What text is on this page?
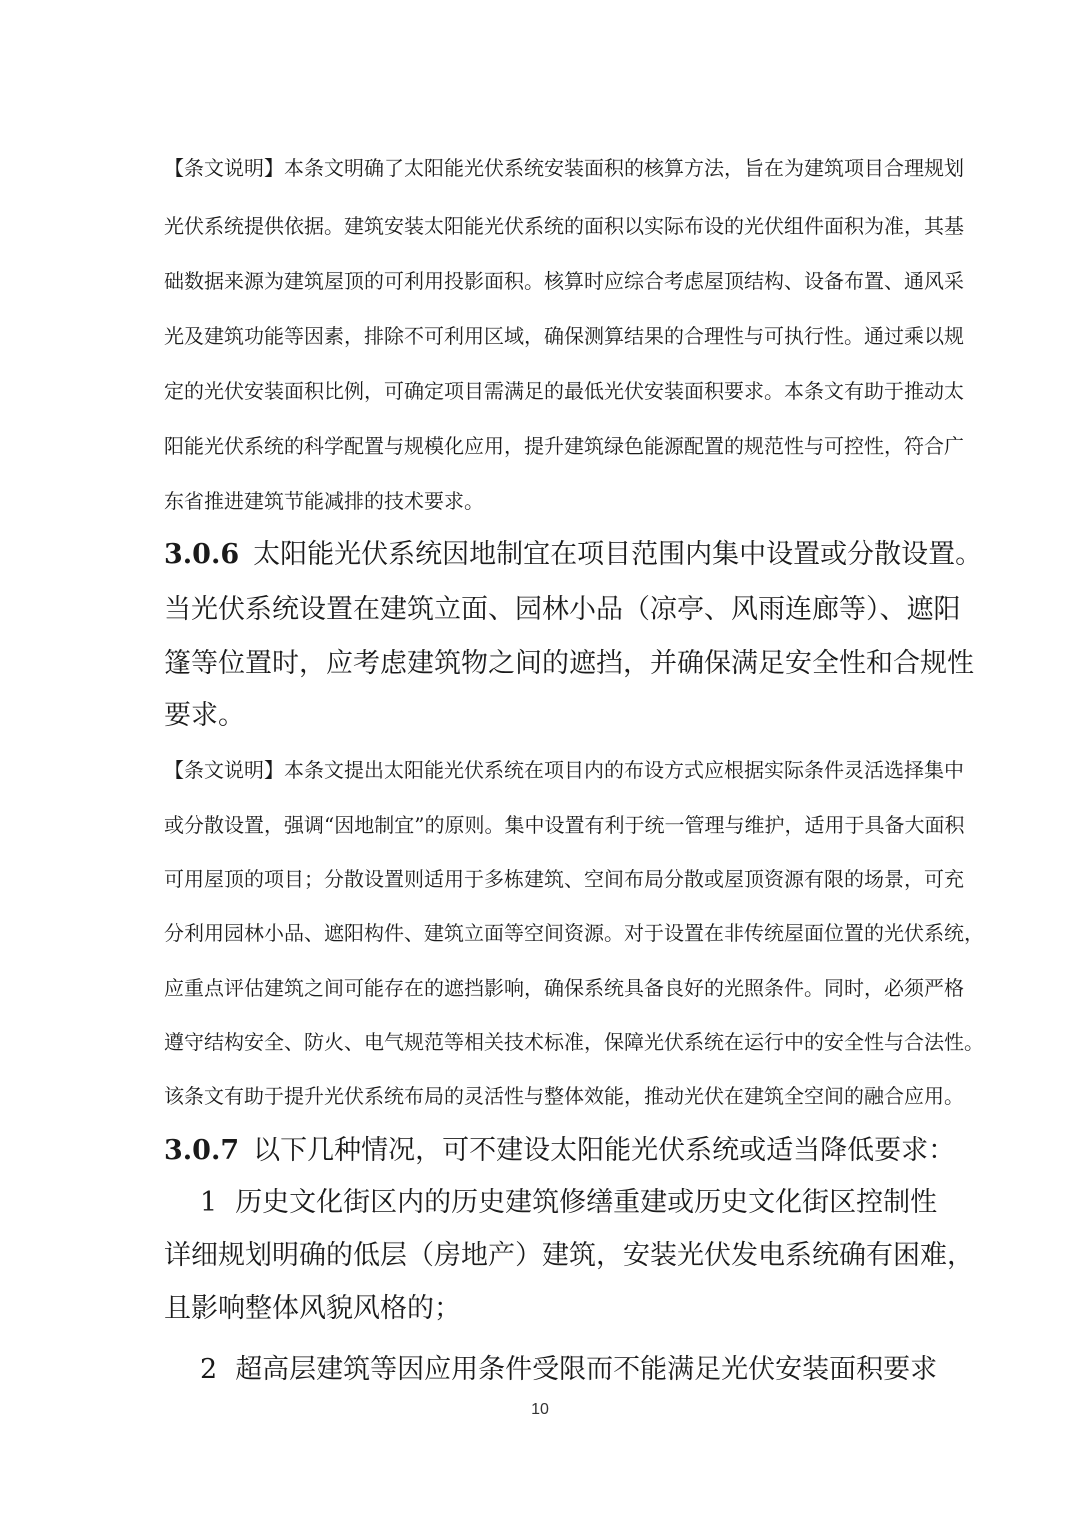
【条文说明】本条文明确了太阳能光伏系统安装面积的核算方法，旨在为建筑项目合理规划
光伏系统提供依据。建筑安装太阳能光伏系统的面积以实际布设的光伏组件面积为准，其基
础数据来源为建筑屋顶的可利用投影面积。核算时应综合考虑屋顶结构、设备布置、通风采
光及建筑功能等因素，排除不可利用区域，确保测算结果的合理性与可执行性。通过乘以规
定的光伏安装面积比例，可确定项目需满足的最低光伏安装面积要求。本条文有助于推动太
阳能光伏系统的科学配置与规模化应用，提升建筑绿色能源配置的规范性与可控性，符合广
东省推进建筑节能减排的技术要求。
3.0.6 太阳能光伏系统因地制宜在项目范围内集中设置或分散设置。
当光伏系统设置在建筑立面、园林小品（凉亭、风雨连廊等）、遮阳
篷等位置时，应考虑建筑物之间的遮挡，并确保满足安全性和合规性
要求。
【条文说明】本条文提出太阳能光伏系统在项目内的布设方式应根据实际条件灵活选择集中
或分散设置，强调“因地制宜”的原则。集中设置有利于统一管理与维护，适用于具备大面积
可用屋顶的项目；分散设置则适用于多栋建筑、空间布局分散或屋顶资源有限的场景，可充
分利用园林小品、遮阳构件、建筑立面等空间资源。对于设置在非传统屋面位置的光伏系统，
应重点评估建筑之间可能存在的遮挡影响，确保系统具备良好的光照条件。同时，必须严格
遵守结构安全、防火、电气规范等相关技术标准，保障光伏系统在运行中的安全性与合法性。
该条文有助于提升光伏系统布局的灵活性与整体效能，推动光伏在建筑全空间的融合应用。
3.0.7 以下几种情况，可不建设太阳能光伏系统或适当降低要求：
1 历史文化街区内的历史建筑修缮重建或历史文化街区控制性
详细规划明确的低层（房地产）建筑，安装光伏发电系统确有困难，
且影响整体风貌风格的；
2 超高层建筑等因应用条件受限而不能满足光伏安装面积要求
10
